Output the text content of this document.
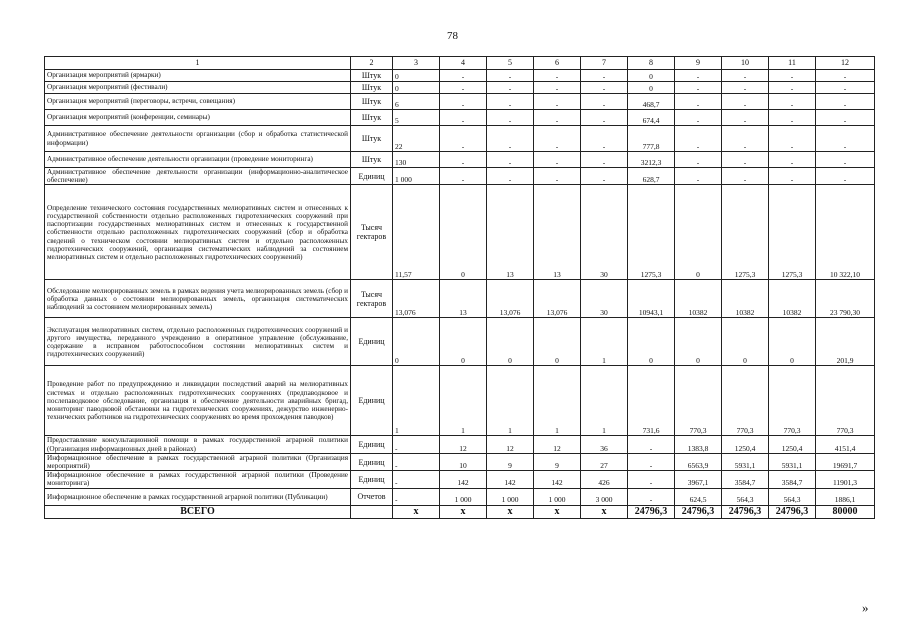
78
1	2	3	4	5	6	7	8	9	10	11	12
Организация мероприятий (ярмарки)	Штук	0	-	-	-	-	0	-	-	-	-
Организация мероприятий (фестивали)	Штук	0	-	-	-	-	0	-	-	-	-
Организация мероприятий (переговоры, встречи, совещания)	Штук	6	-	-	-	-	468,7	-	-	-	-
Организация мероприятий (конференции, семинары)	Штук	5	-	-	-	-	674,4	-	-	-	-
Административное обеспечение деятельности организации (сбор и обработка статистической информации)	Штук	22	-	-	-	-	777,8	-	-	-	-
Административное обеспечение деятельности организации (проведение мониторинга)	Штук	130	-	-	-	-	3212,3	-	-	-	-
Административное обеспечение деятельности организации (информационно-аналитическое обеспечение)	Единиц	1 000	-	-	-	-	628,7	-	-	-	-
Определение технического состояния государственных мелиоративных систем и отнесенных к государственной собственности отдельно расположенных гидротехнических сооружений при паспортизации государственных мелиоративных систем и отнесенных к государственной собственности отдельно расположенных гидротехнических сооружений (сбор и обработка сведений о техническом состоянии мелиоративных систем и отдельно расположенных гидротехнических сооружений, организация систематических наблюдений за состоянием мелиоративных систем и отдельно расположенных гидротехнических сооружений)	Тысяч гектаров	11,57	0	13	13	30	1275,3	0	1275,3	1275,3	10 322,10
Обследование мелиорированных земель в рамках ведения учета мелиорированных земель (сбор и обработка данных о состоянии мелиорированных земель, организация систематических наблюдений за состоянием мелиорированных земель)	Тысяч гектаров	13,076	13	13,076	13,076	30	10943,1	10382	10382	10382	23 790,30
Эксплуатация мелиоративных систем, отдельно расположенных гидротехнических сооружений и другого имущества, переданного учреждению в оперативное управление (обслуживание, содержание в исправном работоспособном состоянии мелиоративных систем и гидротехнических сооружений)	Единиц	0	0	0	0	1	0	0	0	0	201,9
Проведение работ по предупреждению и ликвидации последствий аварий на мелиоративных системах и отдельно расположенных гидротехнических сооружениях (предпаводковое и послепаводковое обследование, организация и обеспечение деятельности аварийных бригад, мониторинг паводковой обстановки на гидротехнических сооружениях, дежурство инженерно-технических работников на гидротехнических сооружениях во время прохождения паводков)	Единиц	1	1	1	1	1	731,6	770,3	770,3	770,3	770,3
Предоставление консультационной помощи в рамках государственной аграрной политики (Организация информационных дней в районах)	Единиц	-	12	12	12	36	-	1383,8	1250,4	1250,4	4151,4
Информационное обеспечение в рамках государственной аграрной политики (Организация мероприятий)	Единиц	-	10	9	9	27	-	6563,9	5931,1	5931,1	19691,7
Информационное обеспечение в рамках государственной аграрной политики (Проведение мониторинга)	Единиц	-	142	142	142	426	-	3967,1	3584,7	3584,7	11901,3
Информационное обеспечение в рамках государственной аграрной политики (Публикации)	Отчетов	-	1 000	1 000	1 000	3 000	-	624,5	564,3	564,3	1886,1
ВСЕГО		x	x	x	x	x	24796,3	24796,3	24796,3	24796,3	80000
»
